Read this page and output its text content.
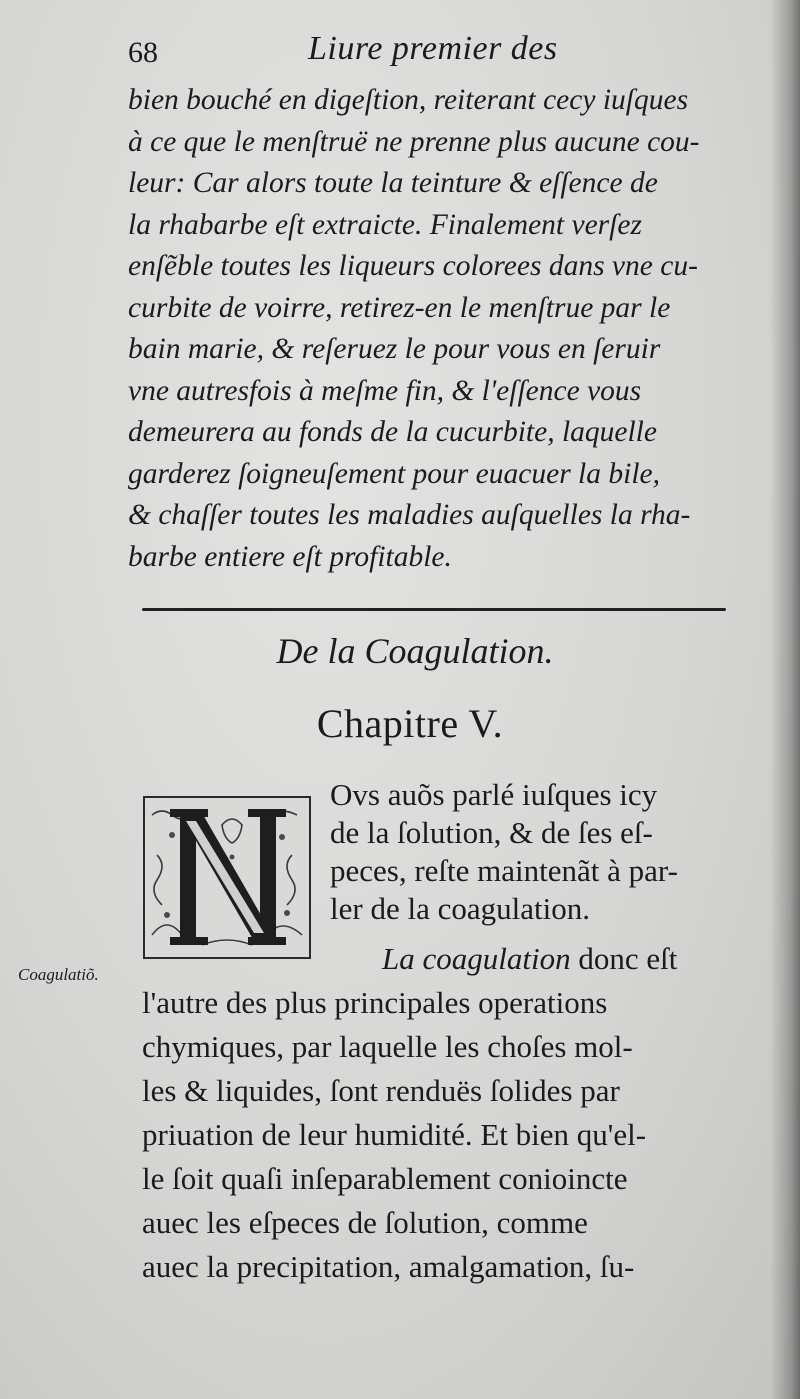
68	Liure premier des
bien bouché en digeſtion, reiterant cecy iuſques
à ce que le menſtruë ne prenne plus aucune cou-
leur: Car alors toute la teinture & eſſence de
la rhabarbe eſt extraicte. Finalement verſez
enſẽble toutes les liqueurs colorees dans vne cu-
curbite de voirre, retirez-en le menſtrue par le
bain marie, & reſeruez le pour vous en ſeruir
vne autresfois à meſme fin, & l'eſſence vous
demeurera au fonds de la cucurbite, laquelle
garderez ſoigneuſement pour euacuer la bile,
& chaſſer toutes les maladies auſquelles la rha-
barbe entiere eſt profitable.
De la Coagulation.
Chapitre V.
Ovs auõs parlé iuſques icy
de la ſolution, & de ſes eſ-
peces, reſte maintenãt à par-
ler de la coagulation.
Coagulatiõ.	La coagulation donc eſt
l'autre des plus principales operations
chymiques, par laquelle les choſes mol-
les & liquides, ſont renduës ſolides par
priuation de leur humidité. Et bien qu'el-
le ſoit quaſi inſeparablement conioincte
auec les eſpeces de ſolution, comme
auec la precipitation, amalgamation, ſu-
